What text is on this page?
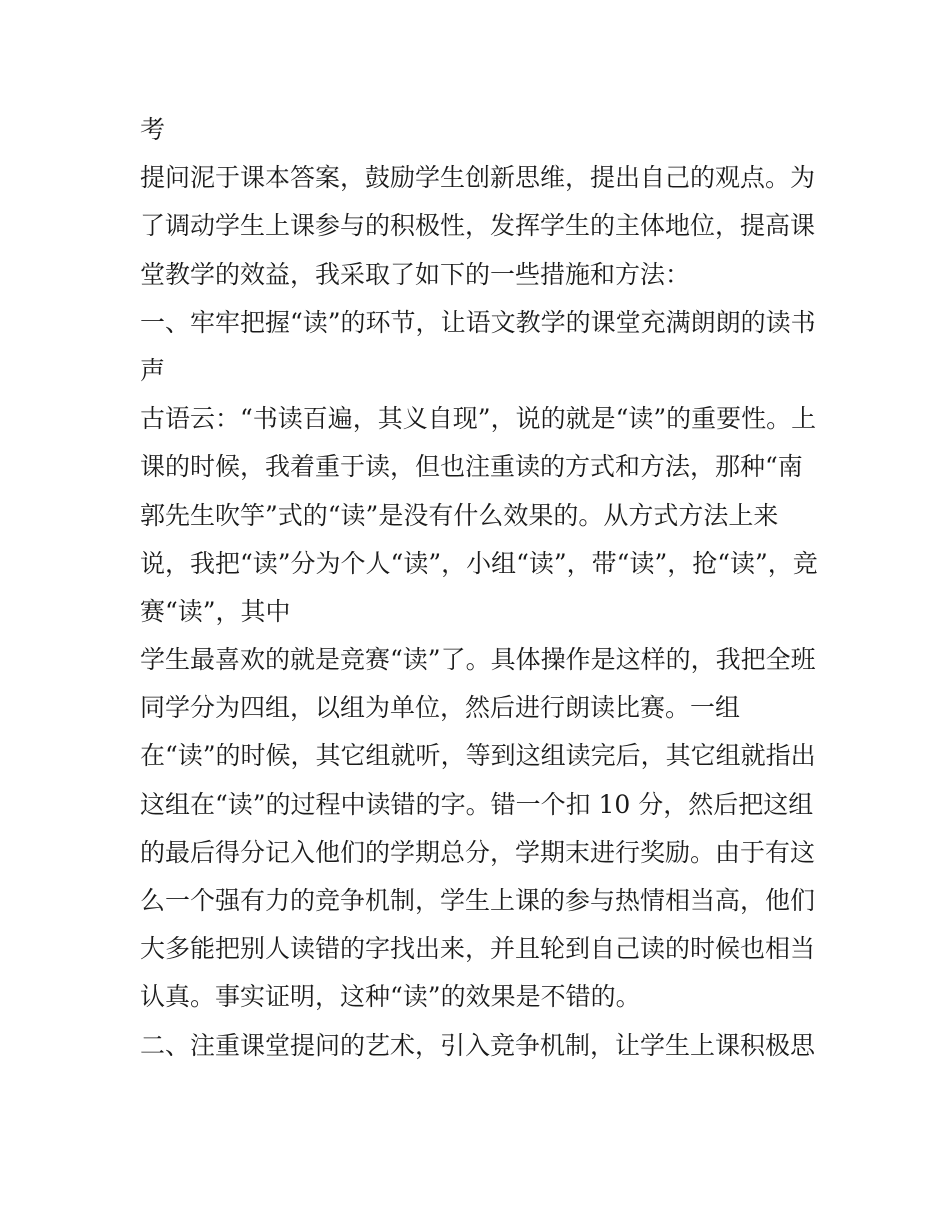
考
提问泥于课本答案，鼓励学生创新思维，提出自己的观点。为
了调动学生上课参与的积极性，发挥学生的主体地位，提高课
堂教学的效益，我采取了如下的一些措施和方法：
一、牢牢把握“读”的环节，让语文教学的课堂充满朗朗的读书
声
古语云：“书读百遍，其义自现”，说的就是“读”的重要性。上
课的时候，我着重于读，但也注重读的方式和方法，那种“南
郭先生吹竽”式的“读”是没有什么效果的。从方式方法上来
说，我把“读”分为个人“读”，小组“读”，带“读”，抢“读”，竞
赛“读”，其中
学生最喜欢的就是竞赛“读”了。具体操作是这样的，我把全班
同学分为四组，以组为单位，然后进行朗读比赛。一组
在“读”的时候，其它组就听，等到这组读完后，其它组就指出
这组在“读”的过程中读错的字。错一个扣 10 分，然后把这组
的最后得分记入他们的学期总分，学期末进行奖励。由于有这
么一个强有力的竞争机制，学生上课的参与热情相当高，他们
大多能把别人读错的字找出来，并且轮到自己读的时候也相当
认真。事实证明，这种“读”的效果是不错的。
二、注重课堂提问的艺术，引入竞争机制，让学生上课积极思
